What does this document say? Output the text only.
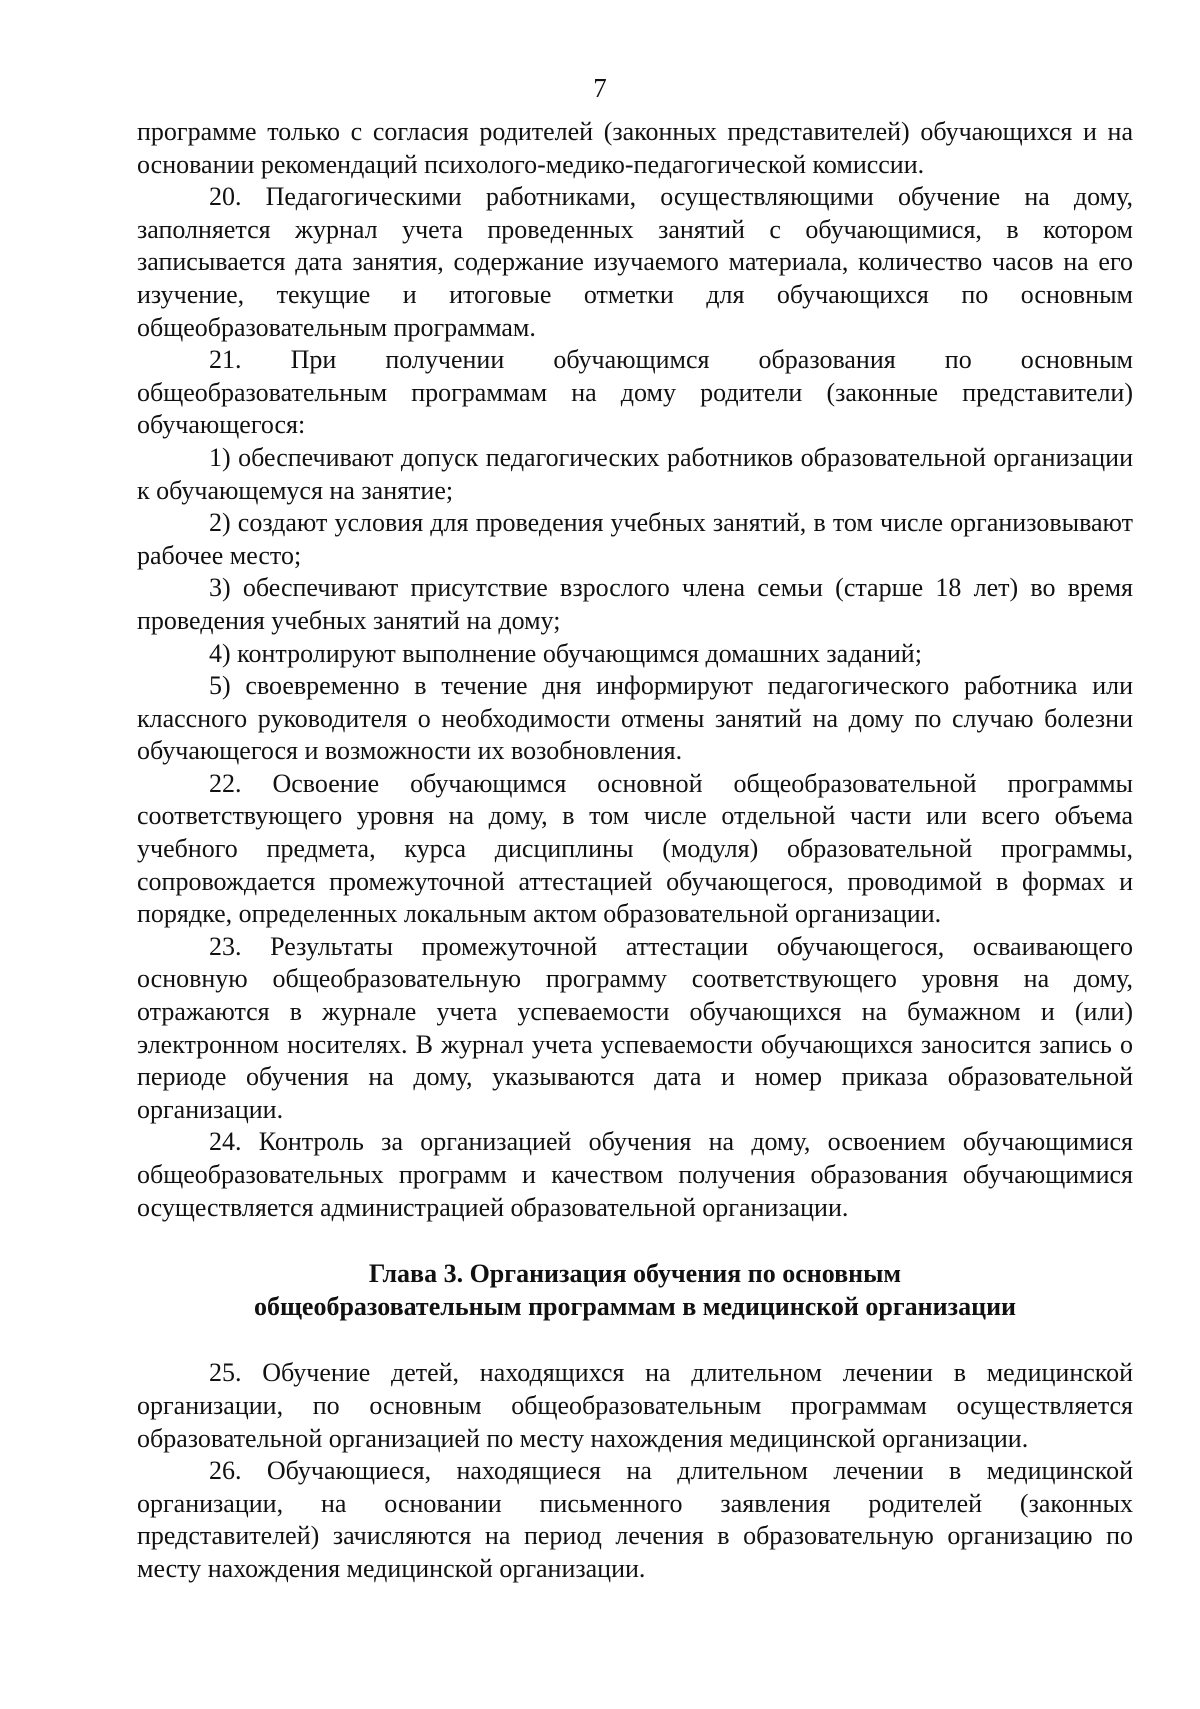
7

программе только с согласия родителей (законных представителей) обучающихся и на основании рекомендаций психолого-медико-педагогической комиссии.

20. Педагогическими работниками, осуществляющими обучение на дому, заполняется журнал учета проведенных занятий с обучающимися, в котором записывается дата занятия, содержание изучаемого материала, количество часов на его изучение, текущие и итоговые отметки для обучающихся по основным общеобразовательным программам.

21. При получении обучающимся образования по основным общеобразовательным программам на дому родители (законные представители) обучающегося:

1) обеспечивают допуск педагогических работников образовательной организации к обучающемуся на занятие;

2) создают условия для проведения учебных занятий, в том числе организовывают рабочее место;

3) обеспечивают присутствие взрослого члена семьи (старше 18 лет) во время проведения учебных занятий на дому;

4) контролируют выполнение обучающимся домашних заданий;

5) своевременно в течение дня информируют педагогического работника или классного руководителя о необходимости отмены занятий на дому по случаю болезни обучающегося и возможности их возобновления.

22. Освоение обучающимся основной общеобразовательной программы соответствующего уровня на дому, в том числе отдельной части или всего объема учебного предмета, курса дисциплины (модуля) образовательной программы, сопровождается промежуточной аттестацией обучающегося, проводимой в формах и порядке, определенных локальным актом образовательной организации.

23. Результаты промежуточной аттестации обучающегося, осваивающего основную общеобразовательную программу соответствующего уровня на дому, отражаются в журнале учета успеваемости обучающихся на бумажном и (или) электронном носителях. В журнал учета успеваемости обучающихся заносится запись о периоде обучения на дому, указываются дата и номер приказа образовательной организации.

24. Контроль за организацией обучения на дому, освоением обучающимися общеобразовательных программ и качеством получения образования обучающимися осуществляется администрацией образовательной организации.

Глава 3. Организация обучения по основным
общеобразовательным программам в медицинской организации

25. Обучение детей, находящихся на длительном лечении в медицинской организации, по основным общеобразовательным программам осуществляется образовательной организацией по месту нахождения медицинской организации.

26. Обучающиеся, находящиеся на длительном лечении в медицинской организации, на основании письменного заявления родителей (законных представителей) зачисляются на период лечения в образовательную организацию по месту нахождения медицинской организации.
